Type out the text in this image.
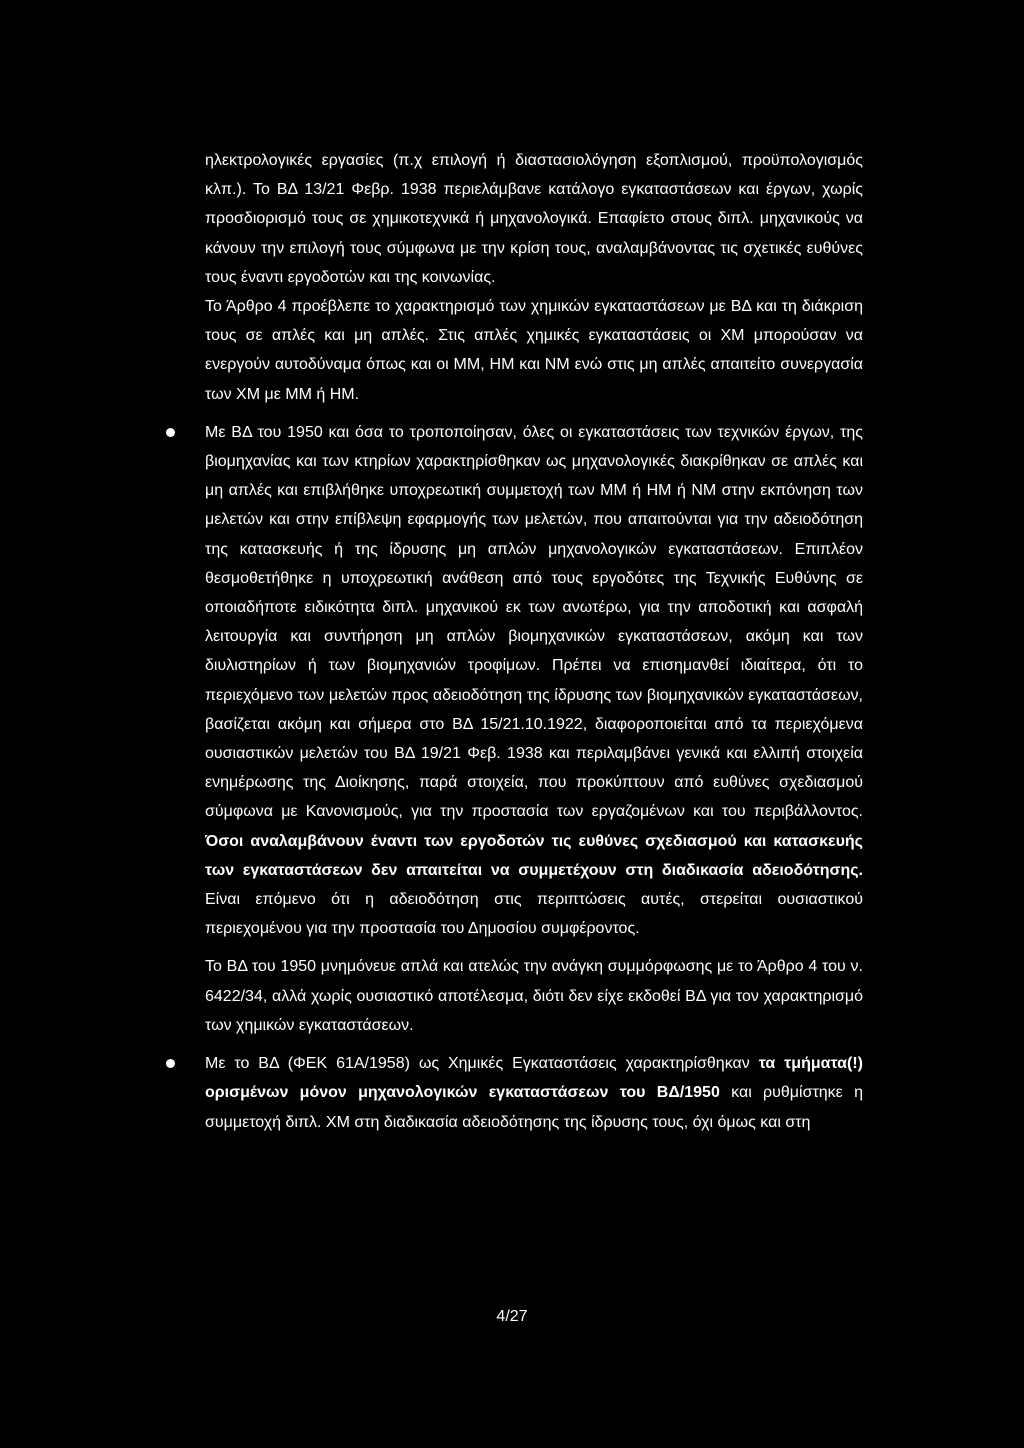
ηλεκτρολογικές εργασίες (π.χ επιλογή ή διαστασιολόγηση εξοπλισμού, προϋπολογισμός κλπ.). Το ΒΔ 13/21 Φεβρ. 1938 περιελάμβανε κατάλογο εγκαταστάσεων και έργων, χωρίς προσδιορισμό τους σε χημικοτεχνικά ή μηχανολογικά. Επαφίετο στους διπλ. μηχανικούς να κάνουν την επιλογή τους σύμφωνα με την κρίση τους, αναλαμβάνοντας τις σχετικές ευθύνες τους έναντι εργοδοτών και της κοινωνίας.

Το Άρθρο 4 προέβλεπε το χαρακτηρισμό των χημικών εγκαταστάσεων με ΒΔ και τη διάκριση τους σε απλές και μη απλές. Στις απλές χημικές εγκαταστάσεις οι ΧΜ μπορούσαν να ενεργούν αυτοδύναμα όπως και οι ΜΜ, ΗΜ και ΝΜ ενώ στις μη απλές απαιτείτο συνεργασία των ΧΜ με ΜΜ ή ΗΜ.

Με ΒΔ του 1950 και όσα το τροποποίησαν, όλες οι εγκαταστάσεις των τεχνικών έργων, της βιομηχανίας και των κτηρίων χαρακτηρίσθηκαν ως μηχανολογικές διακρίθηκαν σε απλές και μη απλές και επιβλήθηκε υποχρεωτική συμμετοχή των ΜΜ ή ΗΜ ή ΝΜ στην εκπόνηση των μελετών και στην επίβλεψη εφαρμογής των μελετών, που απαιτούνται για την αδειοδότηση της κατασκευής ή της ίδρυσης μη απλών μηχανολογικών εγκαταστάσεων. Επιπλέον θεσμοθετήθηκε η υποχρεωτική ανάθεση από τους εργοδότες της Τεχνικής Ευθύνης σε οποιαδήποτε ειδικότητα διπλ. μηχανικού εκ των ανωτέρω, για την αποδοτική και ασφαλή λειτουργία και συντήρηση μη απλών βιομηχανικών εγκαταστάσεων, ακόμη και των διυλιστηρίων ή των βιομηχανιών τροφίμων. Πρέπει να επισημανθεί ιδιαίτερα, ότι το περιεχόμενο των μελετών προς αδειοδότηση της ίδρυσης των βιομηχανικών εγκαταστάσεων, βασίζεται ακόμη και σήμερα στο ΒΔ 15/21.10.1922, διαφοροποιείται από τα περιεχόμενα ουσιαστικών μελετών του ΒΔ 19/21 Φεβ. 1938 και περιλαμβάνει γενικά και ελλιπή στοιχεία ενημέρωσης της Διοίκησης, παρά στοιχεία, που προκύπτουν από ευθύνες σχεδιασμού σύμφωνα με Κανονισμούς, για την προστασία των εργαζομένων και του περιβάλλοντος. Όσοι αναλαμβάνουν έναντι των εργοδοτών τις ευθύνες σχεδιασμού και κατασκευής των εγκαταστάσεων δεν απαιτείται να συμμετέχουν στη διαδικασία αδειοδότησης. Είναι επόμενο ότι η αδειοδότηση στις περιπτώσεις αυτές, στερείται ουσιαστικού περιεχομένου για την προστασία του Δημοσίου συμφέροντος.

Το ΒΔ του 1950 μνημόνευε απλά και ατελώς την ανάγκη συμμόρφωσης με το Άρθρο 4 του ν. 6422/34, αλλά χωρίς ουσιαστικό αποτέλεσμα, διότι δεν είχε εκδοθεί ΒΔ για τον χαρακτηρισμό των χημικών εγκαταστάσεων.

Με το ΒΔ (ΦΕΚ 61Α/1958) ως Χημικές Εγκαταστάσεις χαρακτηρίσθηκαν τα τμήματα(!) ορισμένων μόνον μηχανολογικών εγκαταστάσεων του ΒΔ/1950 και ρυθμίστηκε η συμμετοχή διπλ. ΧΜ στη διαδικασία αδειοδότησης της ίδρυσης τους, όχι όμως και στη

4/27
